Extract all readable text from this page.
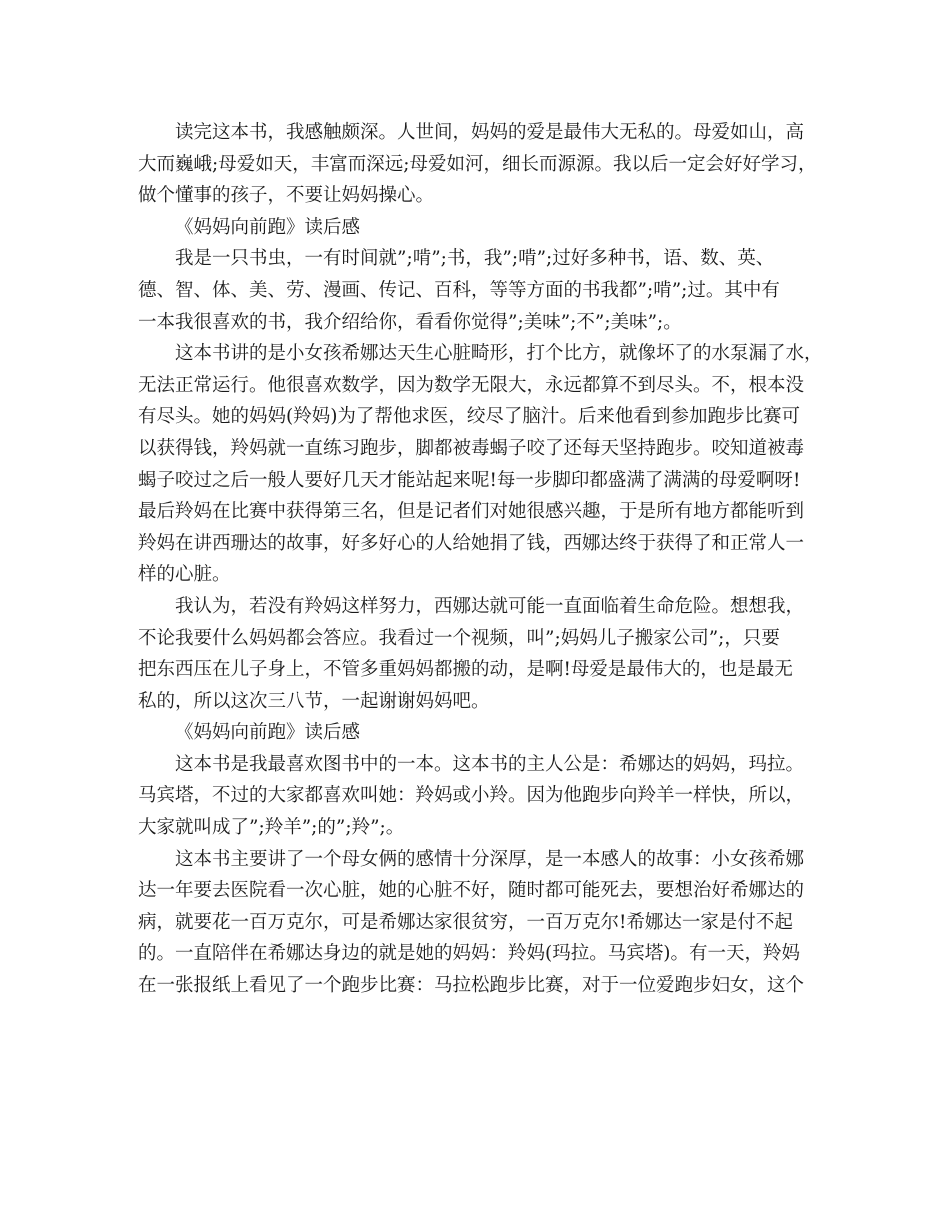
读完这本书，我感触颇深。人世间，妈妈的爱是最伟大无私的。母爱如山，高
大而巍峨;母爱如天，丰富而深远;母爱如河，细长而源源。我以后一定会好好学习，
做个懂事的孩子，不要让妈妈操心。
《妈妈向前跑》读后感
我是一只书虫，一有时间就”;啃”;书，我”;啃”;过好多种书，语、数、英、
德、智、体、美、劳、漫画、传记、百科，等等方面的书我都”;啃”;过。其中有
一本我很喜欢的书，我介绍给你，看看你觉得”;美味”;不”;美味”;。
这本书讲的是小女孩希娜达天生心脏畸形，打个比方，就像坏了的水泵漏了水，
无法正常运行。他很喜欢数学，因为数学无限大，永远都算不到尽头。不，根本没
有尽头。她的妈妈(羚妈)为了帮他求医，绞尽了脑汁。后来他看到参加跑步比赛可
以获得钱，羚妈就一直练习跑步，脚都被毒蝎子咬了还每天坚持跑步。咬知道被毒
蝎子咬过之后一般人要好几天才能站起来呢!每一步脚印都盛满了满满的母爱啊呀!
最后羚妈在比赛中获得第三名，但是记者们对她很感兴趣，于是所有地方都能听到
羚妈在讲西珊达的故事，好多好心的人给她捐了钱，西娜达终于获得了和正常人一
样的心脏。
我认为，若没有羚妈这样努力，西娜达就可能一直面临着生命危险。想想我，
不论我要什么妈妈都会答应。我看过一个视频，叫”;妈妈儿子搬家公司”;，只要
把东西压在儿子身上，不管多重妈妈都搬的动，是啊!母爱是最伟大的，也是最无
私的，所以这次三八节，一起谢谢妈妈吧。
《妈妈向前跑》读后感
这本书是我最喜欢图书中的一本。这本书的主人公是：希娜达的妈妈，玛拉。
马宾塔，不过的大家都喜欢叫她：羚妈或小羚。因为他跑步向羚羊一样快，所以，
大家就叫成了”;羚羊”;的”;羚”;。
这本书主要讲了一个母女俩的感情十分深厚，是一本感人的故事：小女孩希娜
达一年要去医院看一次心脏，她的心脏不好，随时都可能死去，要想治好希娜达的
病，就要花一百万克尔，可是希娜达家很贫穷，一百万克尔!希娜达一家是付不起
的。一直陪伴在希娜达身边的就是她的妈妈：羚妈(玛拉。马宾塔)。有一天，羚妈
在一张报纸上看见了一个跑步比赛：马拉松跑步比赛，对于一位爱跑步妇女，这个
